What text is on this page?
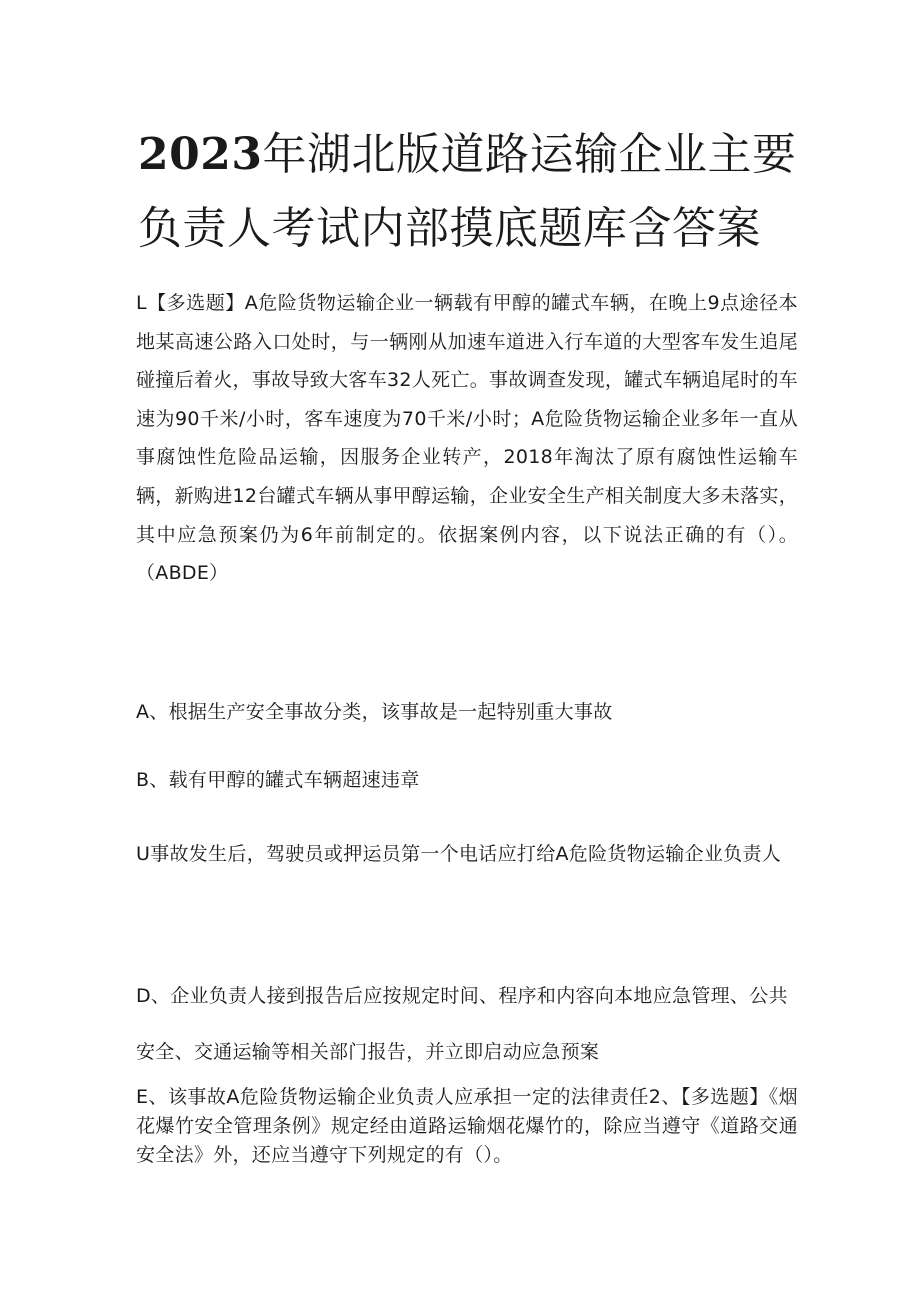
2023年湖北版道路运输企业主要负责人考试内部摸底题库含答案

L【多选题】A危险货物运输企业一辆载有甲醇的罐式车辆，在晚上9点途径本地某高速公路入口处时，与一辆刚从加速车道进入行车道的大型客车发生追尾碰撞后着火，事故导致大客车32人死亡。事故调查发现，罐式车辆追尾时的车速为90千米/小时，客车速度为70千米/小时；A危险货物运输企业多年一直从事腐蚀性危险品运输，因服务企业转产，2018年淘汰了原有腐蚀性运输车辆，新购进12台罐式车辆从事甲醇运输，企业安全生产相关制度大多未落实，其中应急预案仍为6年前制定的。依据案例内容，以下说法正确的有（）。（ABDE）

A、根据生产安全事故分类，该事故是一起特别重大事故

B、载有甲醇的罐式车辆超速违章

U事故发生后，驾驶员或押运员第一个电话应打给A危险货物运输企业负责人

D、企业负责人接到报告后应按规定时间、程序和内容向本地应急管理、公共安全、交通运输等相关部门报告，并立即启动应急预案

E、该事故A危险货物运输企业负责人应承担一定的法律责任2、【多选题】《烟花爆竹安全管理条例》规定经由道路运输烟花爆竹的，除应当遵守《道路交通安全法》外，还应当遵守下列规定的有（）。
